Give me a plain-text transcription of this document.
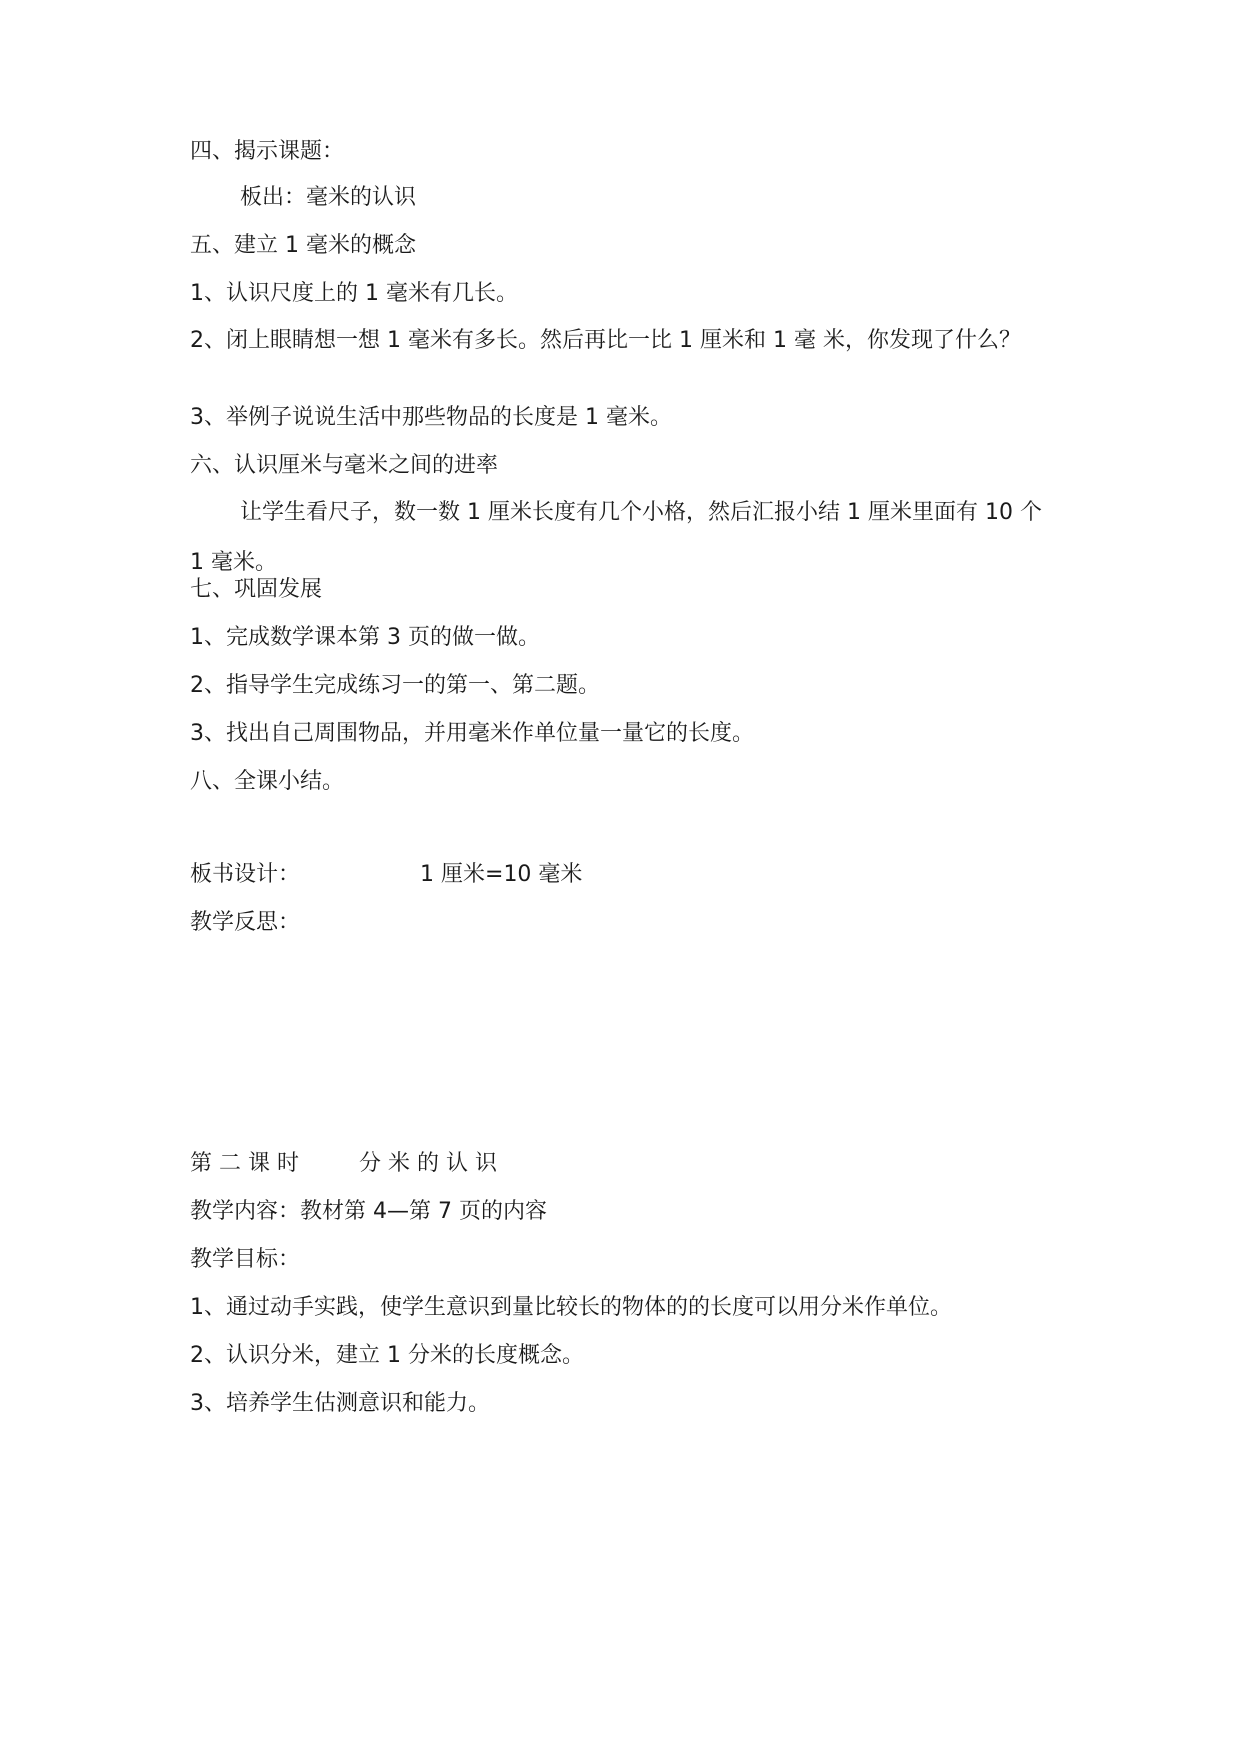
四、揭示课题：
板出：毫米的认识
五、建立 1 毫米的概念
1、认识尺度上的 1 毫米有几长。
2、闭上眼睛想一想 1 毫米有多长。然后再比一比 1 厘米和 1 毫 米，你发现了什么？
3、举例子说说生活中那些物品的长度是 1 毫米。
六、认识厘米与毫米之间的进率
让学生看尺子，数一数 1 厘米长度有几个小格，然后汇报小结 1 厘米里面有 10 个 1 毫米。
七、巩固发展
1、完成数学课本第 3 页的做一做。
2、指导学生完成练习一的第一、第二题。
3、找出自己周围物品，并用毫米作单位量一量它的长度。
八、全课小结。
板书设计：	1 厘米=10 毫米
教学反思：
第 二 课 时	分 米 的 认 识
教学内容：教材第 4—第 7 页的内容
教学目标：
1、通过动手实践，使学生意识到量比较长的物体的的长度可以用分米作单位。
2、认识分米，建立 1 分米的长度概念。
3、培养学生估测意识和能力。
